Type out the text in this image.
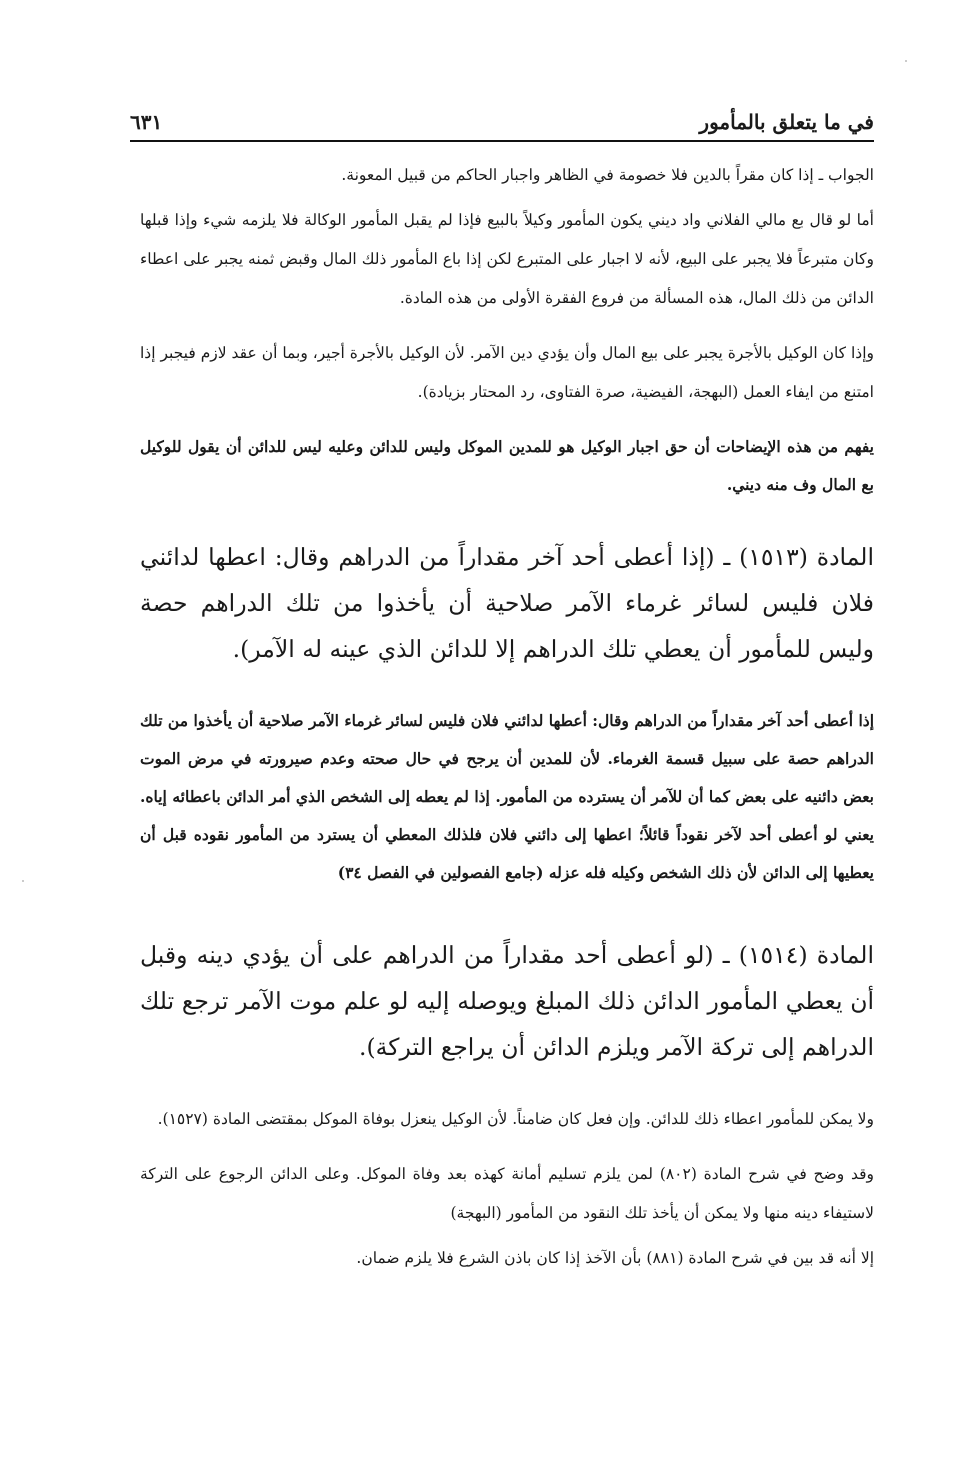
في ما يتعلق بالمأمور
٦٣١

الجواب ـ إذا كان مقراً بالدين فلا خصومة في الظاهر واجبار الحاكم من قبيل المعونة.

أما لو قال بع مالي الفلاني واد ديني يكون المأمور وكيلاً بالبيع فإذا لم يقبل المأمور الوكالة فلا يلزمه شيء وإذا قبلها وكان متبرعاً فلا يجبر على البيع، لأنه لا اجبار على المتبرع لكن إذا باع المأمور ذلك المال وقبض ثمنه يجبر على اعطاء الدائن من ذلك المال، هذه المسألة من فروع الفقرة الأولى من هذه المادة.

وإذا كان الوكيل بالأجرة يجبر على بيع المال وأن يؤدي دين الآمر. لأن الوكيل بالأجرة أجير، وبما أن عقد لازم فيجبر إذا امتنع من ايفاء العمل (البهجة، الفيضية، صرة الفتاوى، رد المحتار بزيادة).

يفهم من هذه الإيضاحات أن حق اجبار الوكيل هو للمدين الموكل وليس للدائن وعليه ليس للدائن أن يقول للوكيل بع المال وف منه ديني.

المادة (١٥١٣) ـ (إذا أعطى أحد آخر مقداراً من الدراهم وقال: اعطها لدائني فلان فليس لسائر غرماء الآمر صلاحية أن يأخذوا من تلك الدراهم حصة وليس للمأمور أن يعطي تلك الدراهم إلا للدائن الذي عينه له الآمر).

إذا أعطى أحد آخر مقداراً من الدراهم وقال: أعطها لدائني فلان فليس لسائر غرماء الآمر صلاحية أن يأخذوا من تلك الدراهم حصة على سبيل قسمة الغرماء. لأن للمدين أن يرجح في حال صحته وعدم صيرورته في مرض الموت بعض دائنيه على بعض كما أن للآمر أن يسترده من المأمور. إذا لم يعطه إلى الشخص الذي أمر الدائن باعطائه إياه. يعني لو أعطى أحد لآخر نقوداً قائلاً؛ اعطها إلى دائني فلان فلذلك المعطي أن يسترد من المأمور نقوده قبل أن يعطيها إلى الدائن لأن ذلك الشخص وكيله فله عزله (جامع الفصولين في الفصل ٣٤)

المادة (١٥١٤) ـ (لو أعطى أحد مقداراً من الدراهم على أن يؤدي دينه وقبل أن يعطي المأمور الدائن ذلك المبلغ ويوصله إليه لو علم موت الآمر ترجع تلك الدراهم إلى تركة الآمر ويلزم الدائن أن يراجع التركة).

ولا يمكن للمأمور اعطاء ذلك للدائن. وإن فعل كان ضامناً. لأن الوكيل ينعزل بوفاة الموكل بمقتضى المادة (١٥٢٧).

وقد وضح في شرح المادة (٨٠٢) لمن يلزم تسليم أمانة كهذه بعد وفاة الموكل. وعلى الدائن الرجوع على التركة لاستيفاء دينه منها ولا يمكن أن يأخذ تلك النقود من المأمور (البهجة)

إلا أنه قد بين في شرح المادة (٨٨١) بأن الآخذ إذا كان باذن الشرع فلا يلزم ضمان.
